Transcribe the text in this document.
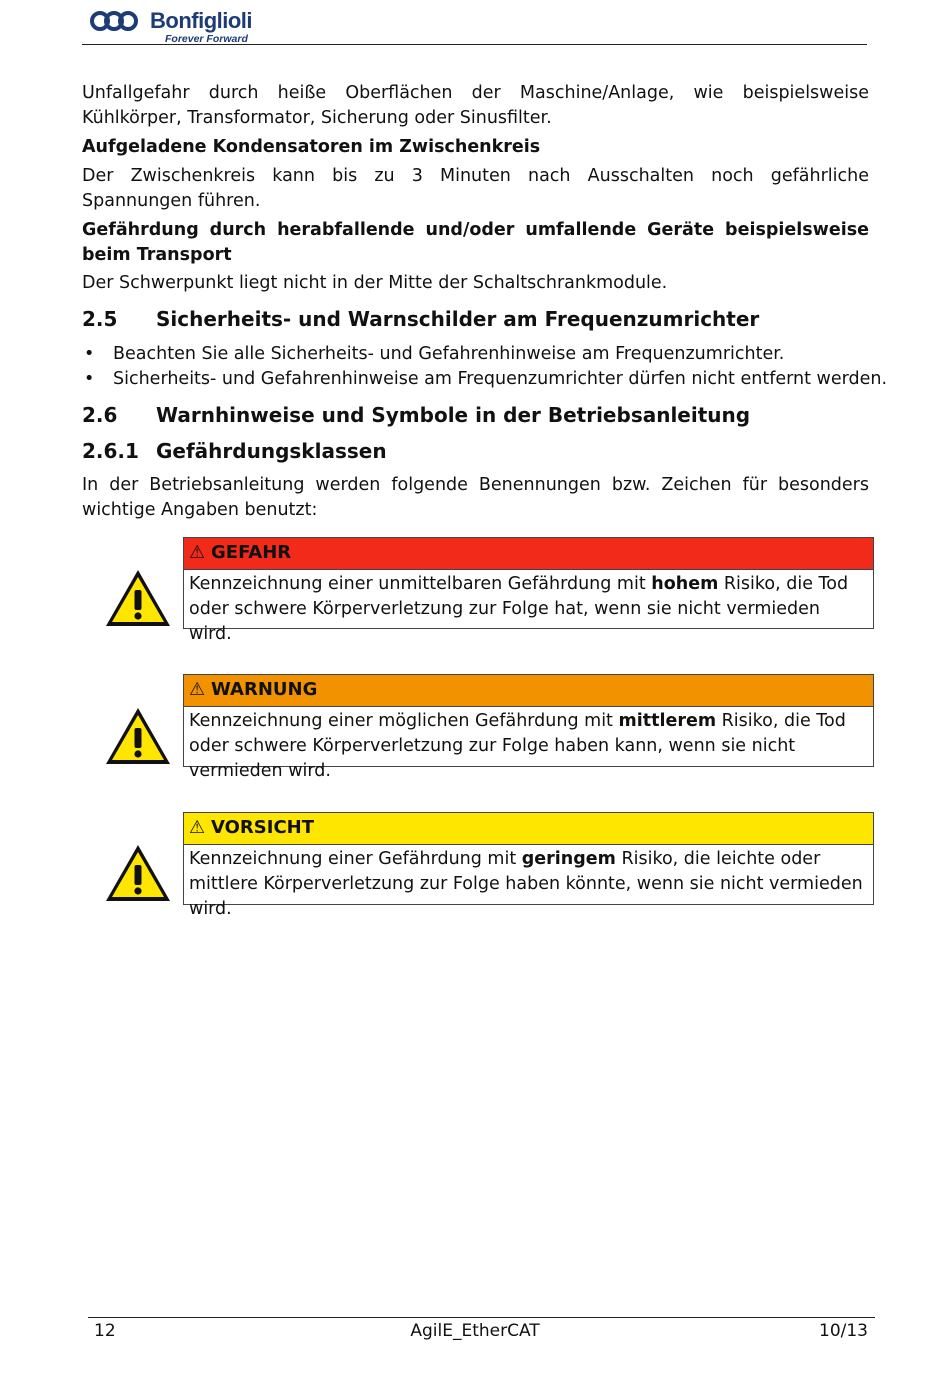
Bonfiglioli
Forever Forward

Unfallgefahr durch heiße Oberflächen der Maschine/Anlage, wie beispielsweise Kühlkörper, Transformator, Sicherung oder Sinusfilter.

Aufgeladene Kondensatoren im Zwischenkreis

Der Zwischenkreis kann bis zu 3 Minuten nach Ausschalten noch gefährliche Spannungen führen.

Gefährdung durch herabfallende und/oder umfallende Geräte beispielsweise beim Transport

Der Schwerpunkt liegt nicht in der Mitte der Schaltschrankmodule.

2.5 Sicherheits- und Warnschilder am Frequenzumrichter
• Beachten Sie alle Sicherheits- und Gefahrenhinweise am Frequenzumrichter.
• Sicherheits- und Gefahrenhinweise am Frequenzumrichter dürfen nicht entfernt werden.
2.6 Warnhinweise und Symbole in der Betriebsanleitung
2.6.1 Gefährdungsklassen

In der Betriebsanleitung werden folgende Benennungen bzw. Zeichen für besonders wichtige Angaben benutzt:

⚠ GEFAHR
Kennzeichnung einer unmittelbaren Gefährdung mit hohem Risiko, die Tod oder schwere Körperverletzung zur Folge hat, wenn sie nicht vermieden wird.
⚠ WARNUNG
Kennzeichnung einer möglichen Gefährdung mit mittlerem Risiko, die Tod oder schwere Körperverletzung zur Folge haben kann, wenn sie nicht vermieden wird.
⚠ VORSICHT
Kennzeichnung einer Gefährdung mit geringem Risiko, die leichte oder mittlere Körperverletzung zur Folge haben könnte, wenn sie nicht vermieden wird.
12	AgilE_EtherCAT	10/13
